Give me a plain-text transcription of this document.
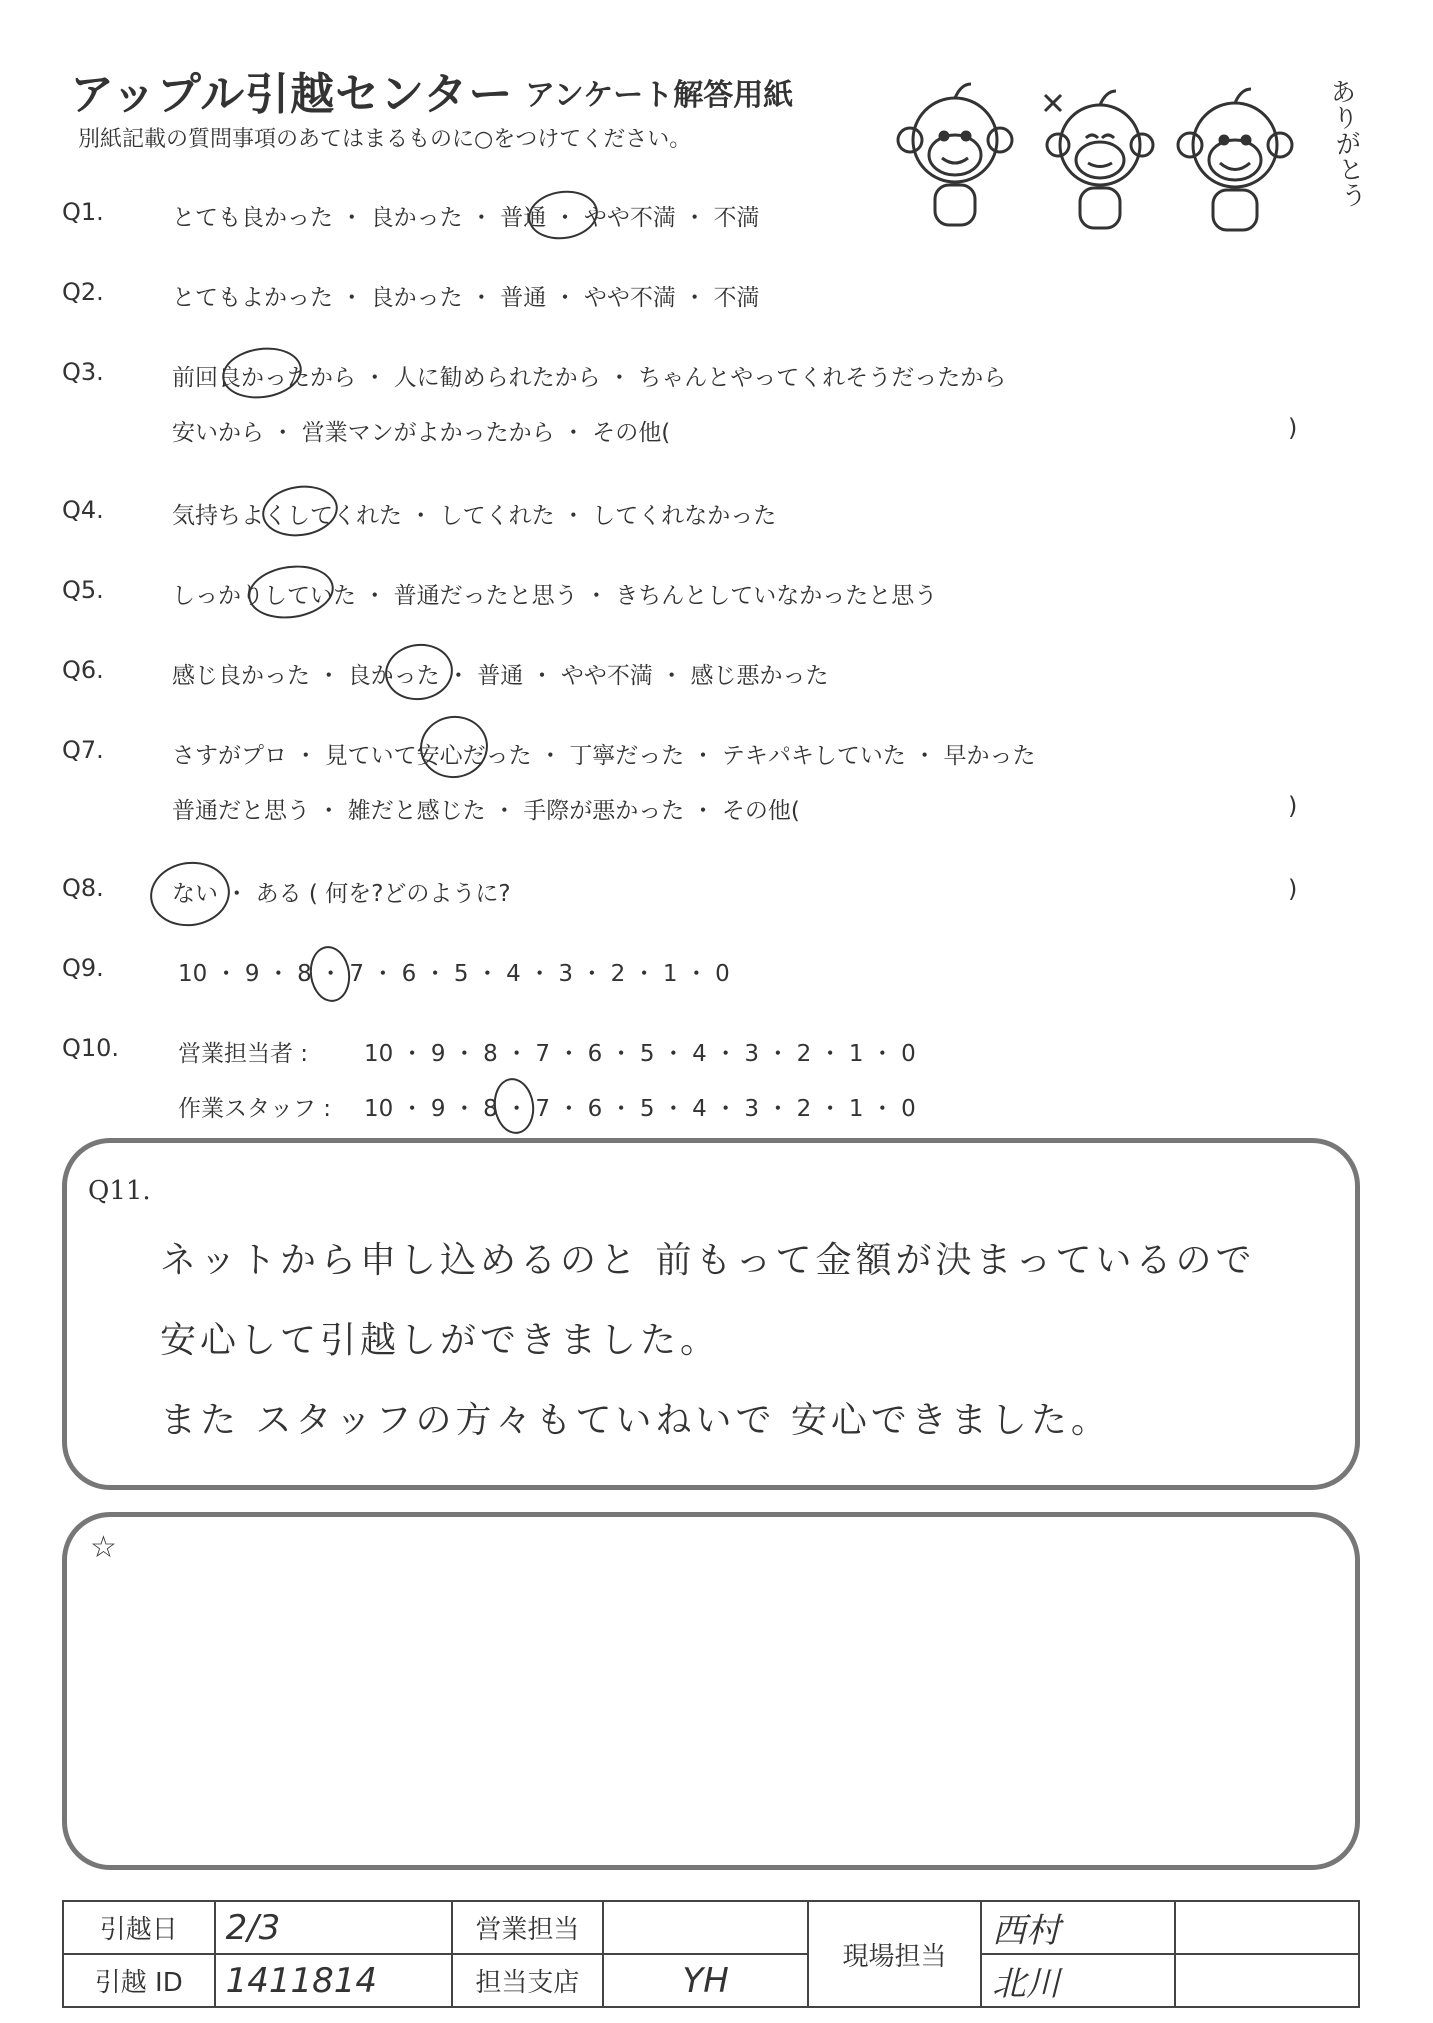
アップル引越センター アンケート解答用紙
別紙記載の質問事項のあてはまるものに○をつけてください。	ありがとう
Q1.	とても良かった ・ 良かった ・ 普通 ・ やや不満 ・ 不満
Q2.	とてもよかった ・ 良かった ・ 普通 ・ やや不満 ・ 不満
Q3.	前回良かったから ・ 人に勧められたから ・ ちゃんとやってくれそうだったから
安いから ・ 営業マンがよかったから ・ その他(	)
Q4.	気持ちよくしてくれた ・ してくれた ・ してくれなかった
Q5.	しっかりしていた ・ 普通だったと思う ・ きちんとしていなかったと思う
Q6.	感じ良かった ・ 良かった ・ 普通 ・ やや不満 ・ 感じ悪かった
Q7.	さすがプロ ・ 見ていて安心だった ・ 丁寧だった ・ テキパキしていた ・ 早かった
普通だと思う ・ 雑だと感じた ・ 手際が悪かった ・ その他(	)
Q8.	ない ・ ある ( 何を?どのように?	)
Q9.	10 ・ 9 ・ 8 ・ 7 ・ 6 ・ 5 ・ 4 ・ 3 ・ 2 ・ 1 ・ 0
Q10.	営業担当者 : 10 ・ 9 ・ 8 ・ 7 ・ 6 ・ 5 ・ 4 ・ 3 ・ 2 ・ 1 ・ 0
作業スタッフ : 10 ・ 9 ・ 8 ・ 7 ・ 6 ・ 5 ・ 4 ・ 3 ・ 2 ・ 1 ・ 0
Q11.
ネットから申し込めるのと 前もって金額が決まっているので
安心して引越しができました。
また スタッフの方々もていねいで 安心できました。
☆
引越日	2/3	営業担当		現場担当	西村	
引越 ID	1411814	担当支店	YH		北川	
